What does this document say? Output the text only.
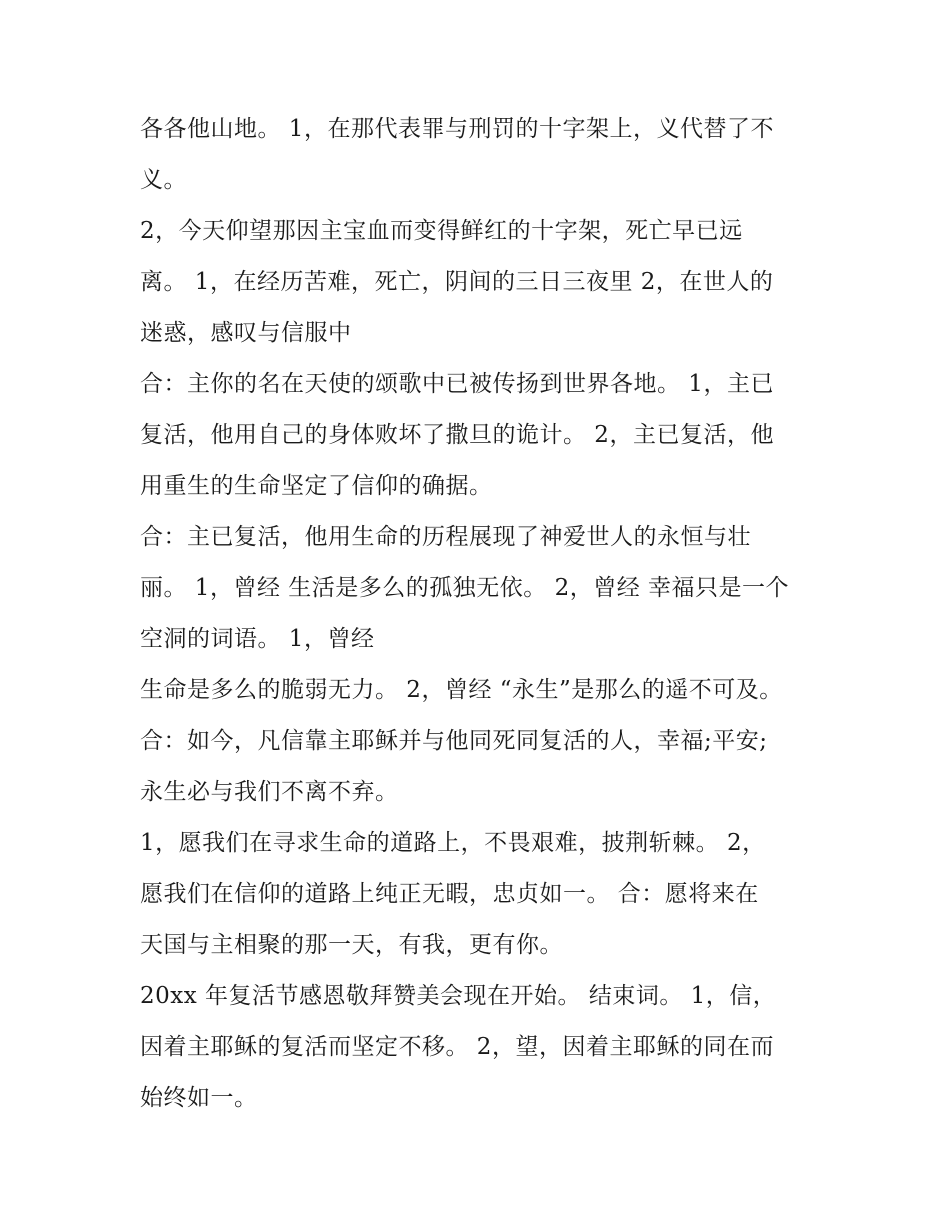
各各他山地。 1，在那代表罪与刑罚的十字架上，义代替了不
义。
2，今天仰望那因主宝血而变得鲜红的十字架，死亡早已远
离。 1，在经历苦难，死亡，阴间的三日三夜里 2，在世人的
迷惑，感叹与信服中
合：主你的名在天使的颂歌中已被传扬到世界各地。 1，主已
复活，他用自己的身体败坏了撒旦的诡计。 2，主已复活，他
用重生的生命坚定了信仰的确据。
合：主已复活，他用生命的历程展现了神爱世人的永恒与壮
丽。 1，曾经 生活是多么的孤独无依。 2，曾经 幸福只是一个
空洞的词语。 1，曾经
生命是多么的脆弱无力。 2，曾经 “永生”是那么的遥不可及。
合：如今，凡信靠主耶稣并与他同死同复活的人，幸福;平安;
永生必与我们不离不弃。
1，愿我们在寻求生命的道路上，不畏艰难，披荆斩棘。 2，
愿我们在信仰的道路上纯正无暇，忠贞如一。 合：愿将来在
天国与主相聚的那一天，有我，更有你。
20xx 年复活节感恩敬拜赞美会现在开始。 结束词。 1，信，
因着主耶稣的复活而坚定不移。 2，望，因着主耶稣的同在而
始终如一。
